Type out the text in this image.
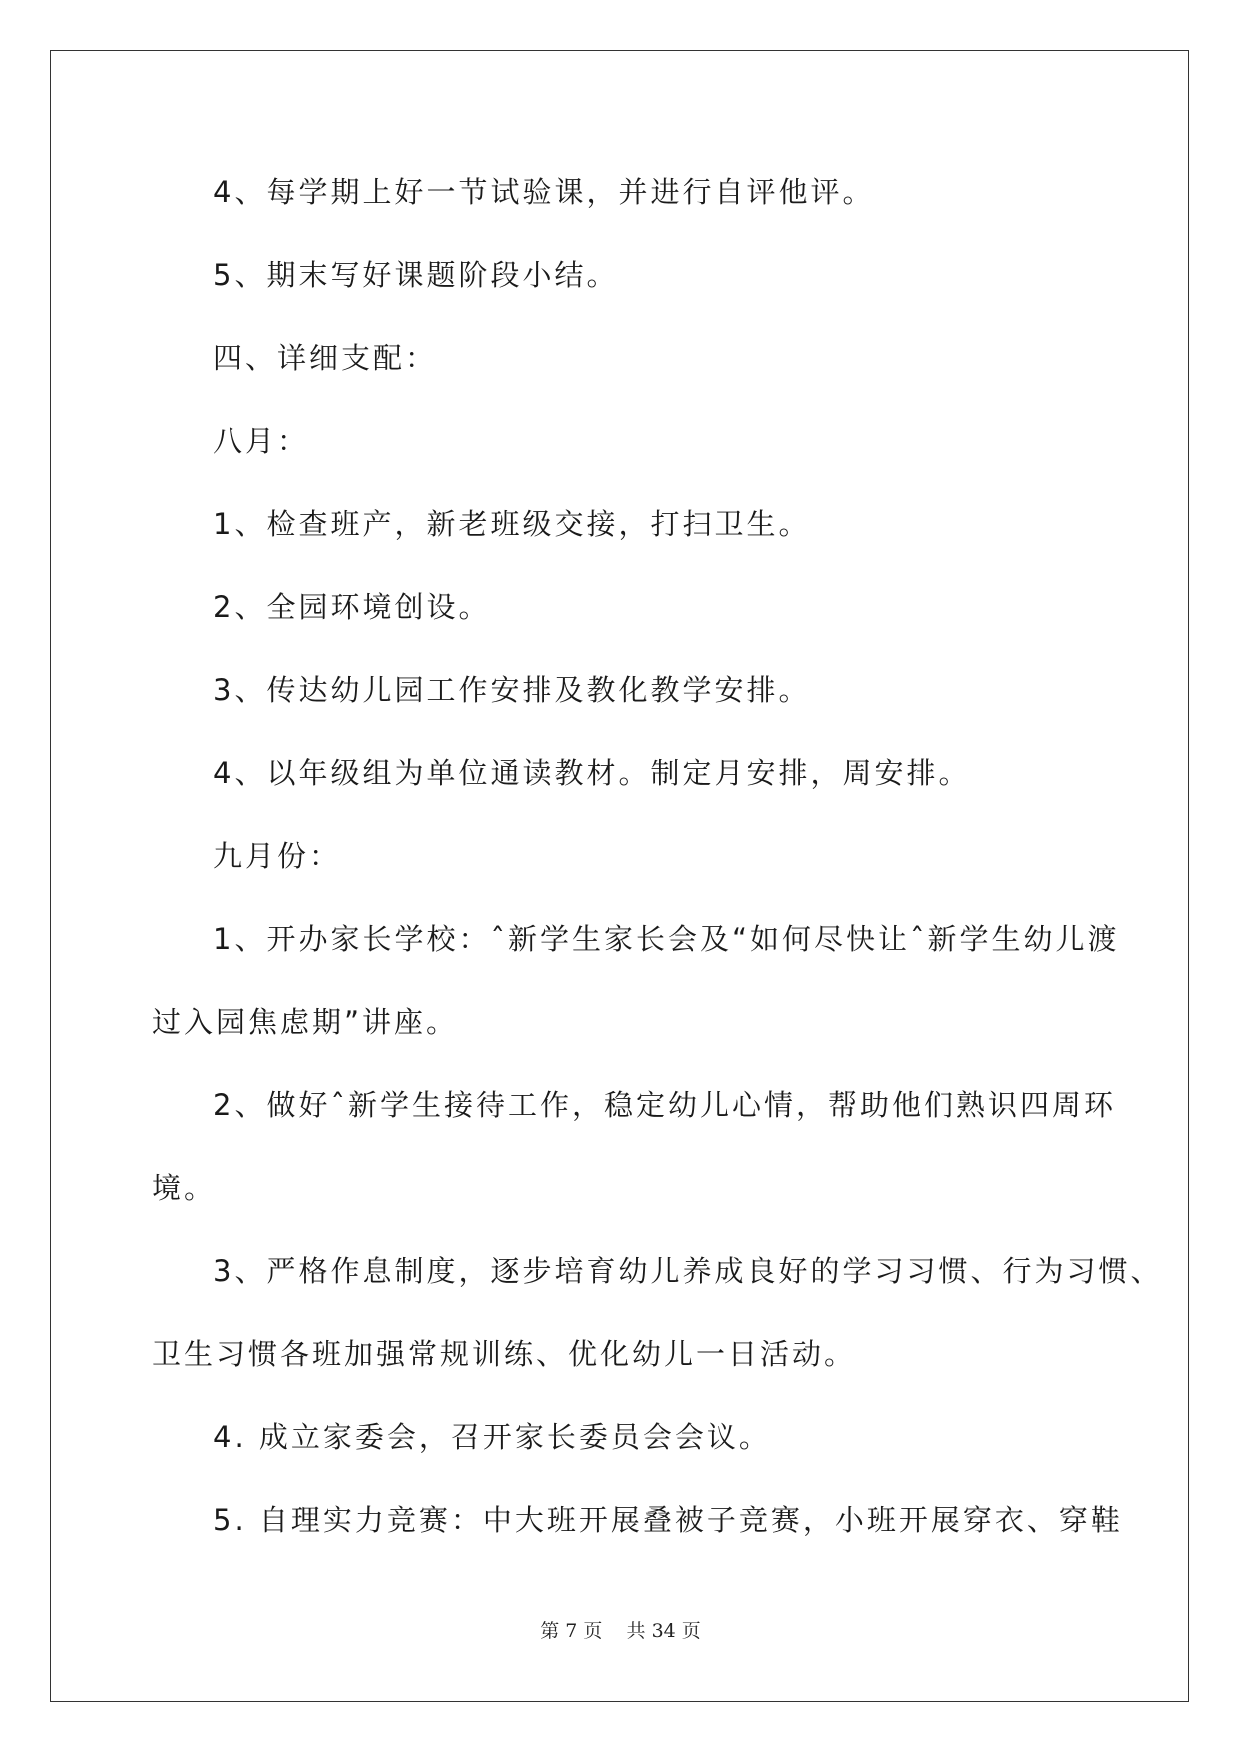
4、每学期上好一节试验课，并进行自评他评。

5、期末写好课题阶段小结。

四、详细支配：

八月：

1、检查班产，新老班级交接，打扫卫生。

2、全园环境创设。

3、传达幼儿园工作安排及教化教学安排。

4、以年级组为单位通读教材。制定月安排，周安排。

九月份：

1、开办家长学校：ˆ新学生家长会及“如何尽快让ˆ新学生幼儿渡

过入园焦虑期”讲座。

2、做好ˆ新学生接待工作，稳定幼儿心情，帮助他们熟识四周环

境。

3、严格作息制度，逐步培育幼儿养成良好的学习习惯、行为习惯、

卫生习惯各班加强常规训练、优化幼儿一日活动。

4. 成立家委会，召开家长委员会会议。

5. 自理实力竞赛：中大班开展叠被子竞赛，小班开展穿衣、穿鞋

第 7 页    共 34 页
